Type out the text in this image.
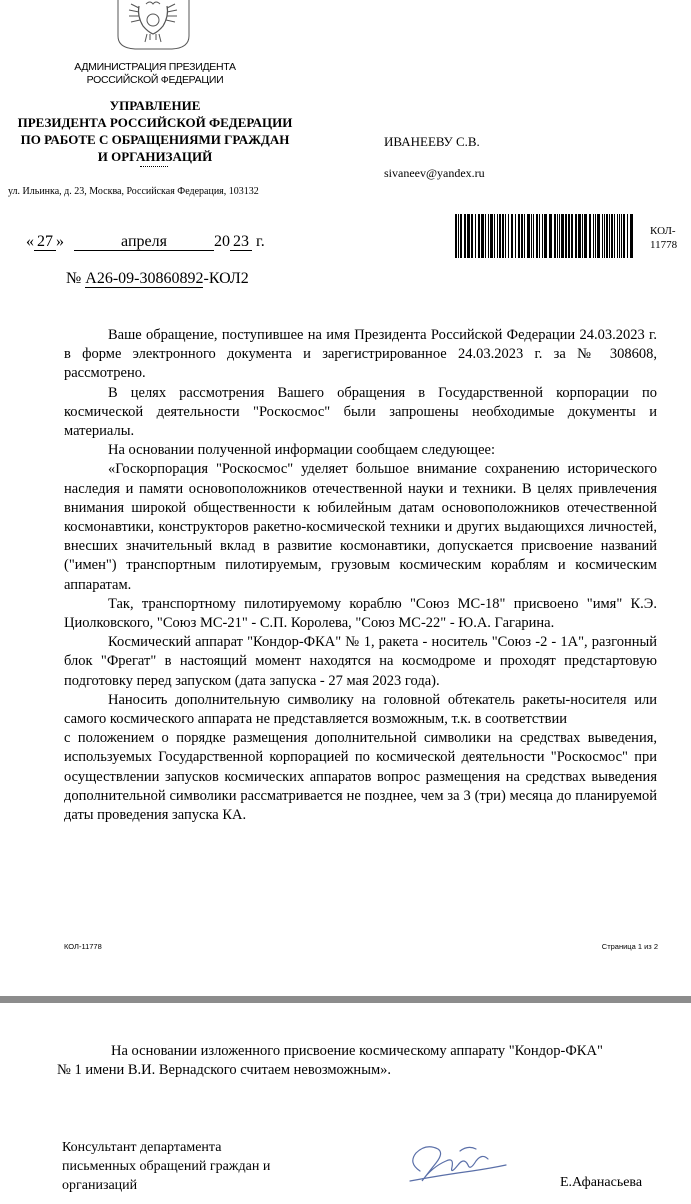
АДМИНИСТРАЦИЯ ПРЕЗИДЕНТА
РОССИЙСКОЙ ФЕДЕРАЦИИ
УПРАВЛЕНИЕ
ПРЕЗИДЕНТА РОССИЙСКОЙ ФЕДЕРАЦИИ
ПО РАБОТЕ С ОБРАЩЕНИЯМИ ГРАЖДАН
И ОРГАНИЗАЦИЙ
ул. Ильинка, д. 23, Москва, Российская Федерация, 103132
ИВАНЕЕВУ С.В.
sivaneev@yandex.ru
КОЛ-
11778
« 27 »	апреля	20 23 г.
№ А26-09-30860892-КОЛ2

Ваше обращение, поступившее на имя Президента Российской Федерации 24.03.2023 г. в форме электронного документа и зарегистрированное 24.03.2023 г. за № 308608, рассмотрено.

В целях рассмотрения Вашего обращения в Государственной корпорации по космической деятельности "Роскосмос" были запрошены необходимые документы и материалы.

На основании полученной информации сообщаем следующее:

«Госкорпорация "Роскосмос" уделяет большое внимание сохранению исторического наследия и памяти основоположников отечественной науки и техники. В целях привлечения внимания широкой общественности к юбилейным датам основоположников отечественной космонавтики, конструкторов ракетно-космической техники и других выдающихся личностей, внесших значительный вклад в развитие космонавтики, допускается присвоение названий ("имен") транспортным пилотируемым, грузовым космическим кораблям и космическим аппаратам.

Так, транспортному пилотируемому кораблю "Союз МС-18" присвоено "имя" К.Э. Циолковского, "Союз МС-21" - С.П. Королева, "Союз МС-22" - Ю.А. Гагарина.

Космический аппарат "Кондор-ФКА" № 1, ракета - носитель "Союз -2 - 1А", разгонный блок "Фрегат" в настоящий момент находятся на космодроме и проходят предстартовую подготовку перед запуском (дата запуска - 27 мая 2023 года).

Наносить дополнительную символику на головной обтекатель ракеты-носителя или самого космического аппарата не представляется возможным, т.к. в соответствии

с положением о порядке размещения дополнительной символики на средствах выведения, используемых Государственной корпорацией по космической деятельности "Роскосмос" при осуществлении запусков космических аппаратов вопрос размещения на средствах выведения дополнительной символики рассматривается не позднее, чем за 3 (три) месяца до планируемой даты проведения запуска КА.

КОЛ-11778	Страница 1 из 2

На основании изложенного присвоение космическому аппарату "Кондор-ФКА"

№ 1 имени В.И. Вернадского считаем невозможным».

Консультант департамента
письменных обращений граждан и
организаций	Е.Афанасьева
